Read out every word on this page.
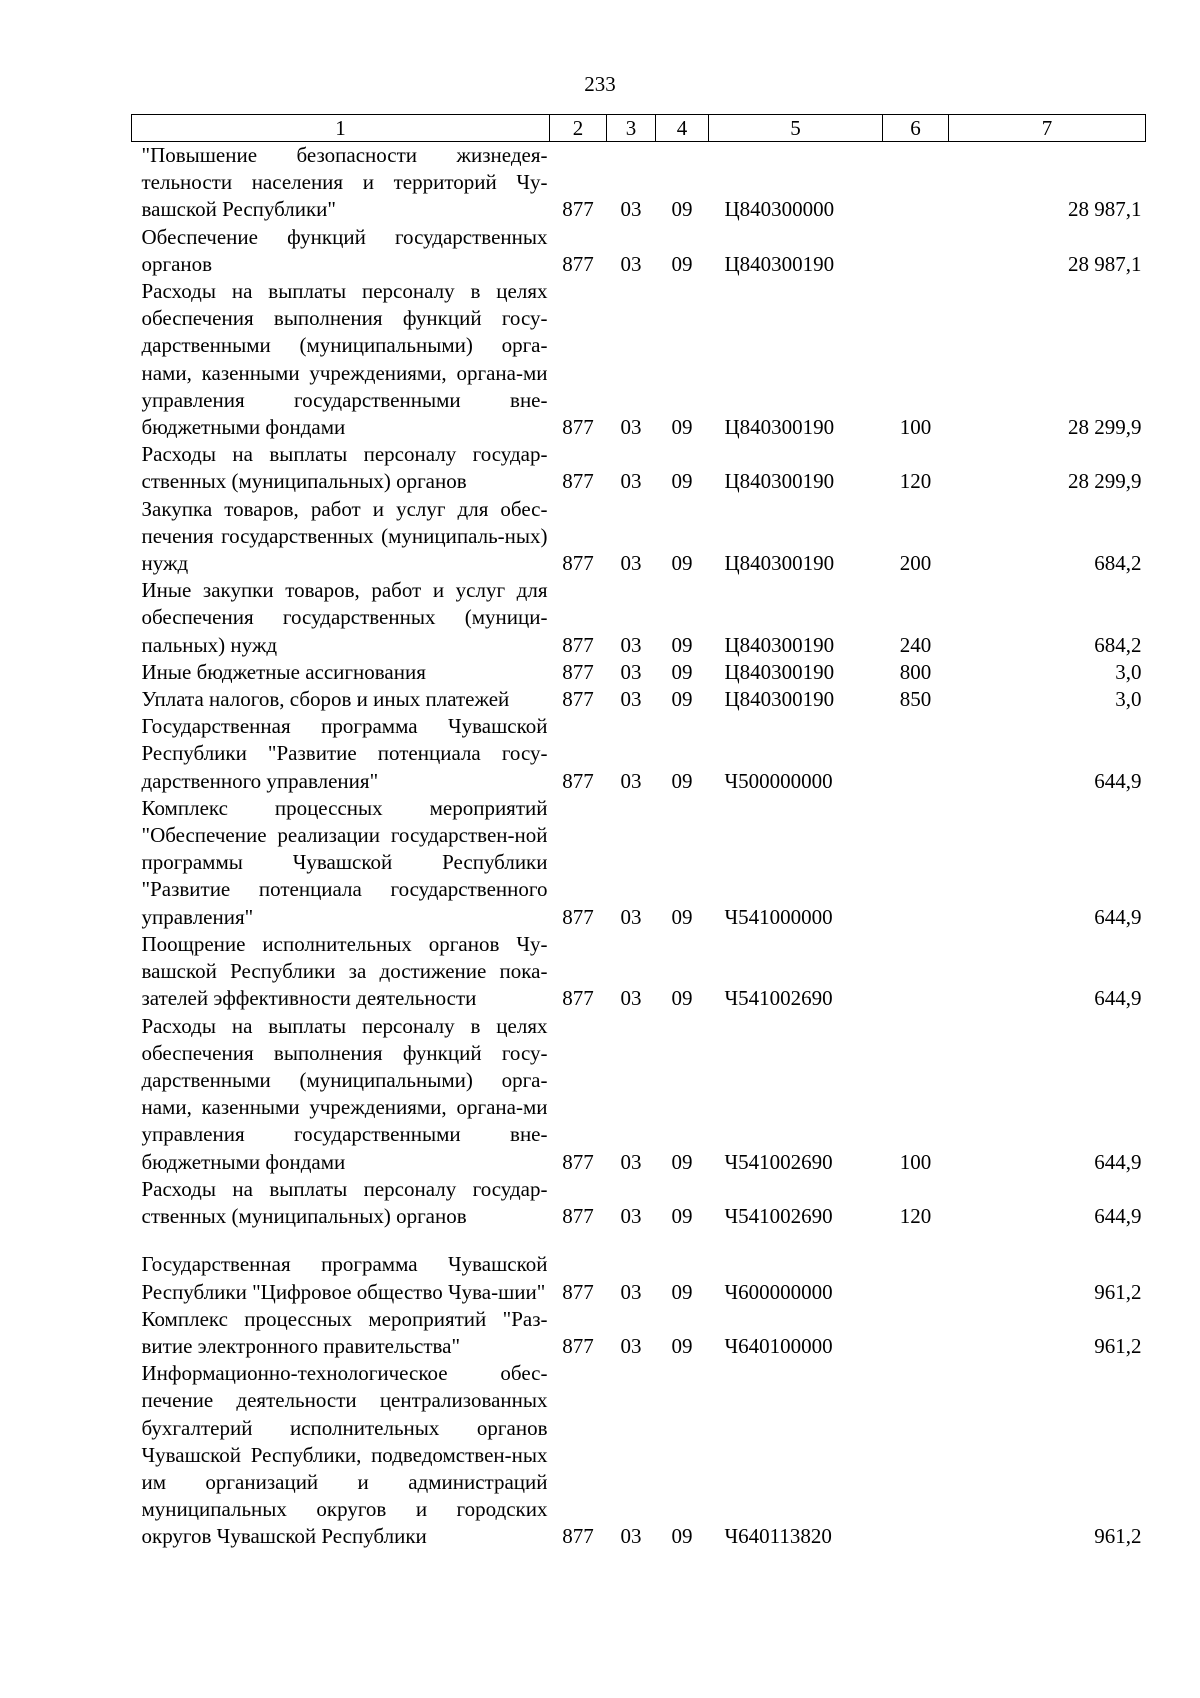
233
1	2	3	4	5	6	7
"Повышение безопасности жизнедея-тельности населения и территорий Чу-вашской Республики"	877	03	09	Ц840300000		28 987,1
Обеспечение функций государственных органов	877	03	09	Ц840300190		28 987,1
Расходы на выплаты персоналу в целях обеспечения выполнения функций госу-дарственными (муниципальными) орга-нами, казенными учреждениями, органа-ми управления государственными вне-бюджетными фондами	877	03	09	Ц840300190	100	28 299,9
Расходы на выплаты персоналу государ-ственных (муниципальных) органов	877	03	09	Ц840300190	120	28 299,9
Закупка товаров, работ и услуг для обес-печения государственных (муниципаль-ных) нужд	877	03	09	Ц840300190	200	684,2
Иные закупки товаров, работ и услуг для обеспечения государственных (муници-пальных) нужд	877	03	09	Ц840300190	240	684,2
Иные бюджетные ассигнования	877	03	09	Ц840300190	800	3,0
Уплата налогов, сборов и иных платежей	877	03	09	Ц840300190	850	3,0
Государственная программа Чувашской Республики "Развитие потенциала госу-дарственного управления"	877	03	09	Ч500000000		644,9
Комплекс процессных мероприятий "Обеспечение реализации государствен-ной программы Чувашской Республики "Развитие потенциала государственного управления"	877	03	09	Ч541000000		644,9
Поощрение исполнительных органов Чу-вашской Республики за достижение пока-зателей эффективности деятельности	877	03	09	Ч541002690		644,9
Расходы на выплаты персоналу в целях обеспечения выполнения функций госу-дарственными (муниципальными) орга-нами, казенными учреждениями, органа-ми управления государственными вне-бюджетными фондами	877	03	09	Ч541002690	100	644,9
Расходы на выплаты персоналу государ-ственных (муниципальных) органов	877	03	09	Ч541002690	120	644,9
Государственная программа Чувашской Республики "Цифровое общество Чува-шии"	877	03	09	Ч600000000		961,2
Комплекс процессных мероприятий "Раз-витие электронного правительства"	877	03	09	Ч640100000		961,2
Информационно-технологическое обес-печение деятельности централизованных бухгалтерий исполнительных органов Чувашской Республики, подведомствен-ных им организаций и администраций муниципальных округов и городских округов Чувашской Республики	877	03	09	Ч640113820		961,2
